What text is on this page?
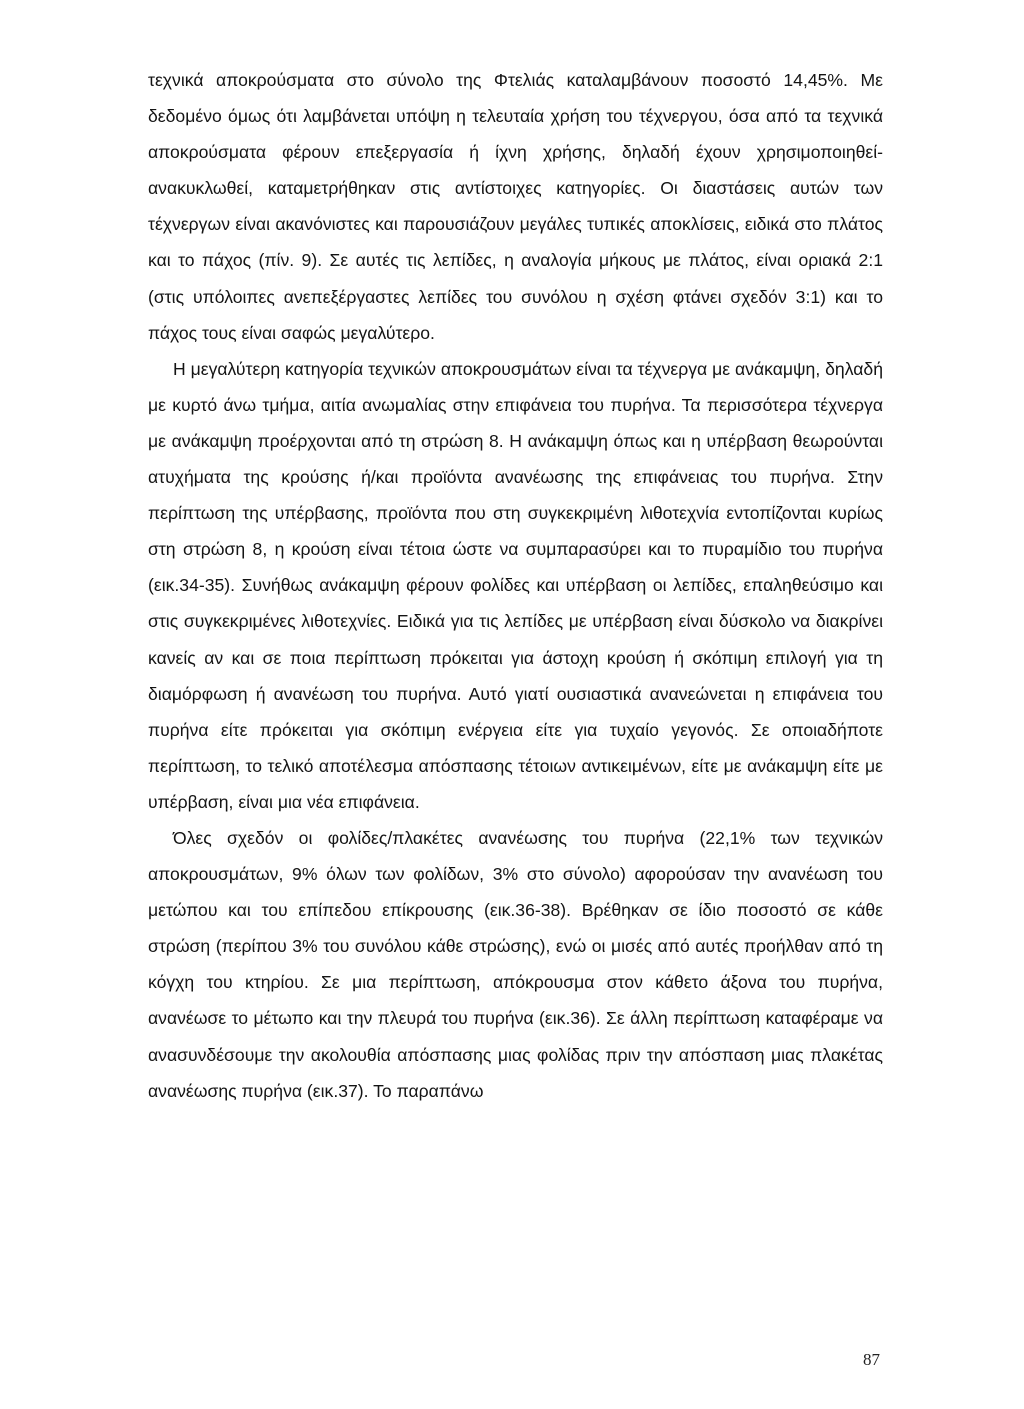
τεχνικά αποκρούσματα στο σύνολο της Φτελιάς καταλαμβάνουν ποσοστό 14,45%. Με δεδομένο όμως ότι λαμβάνεται υπόψη η τελευταία χρήση του τέχνεργου, όσα από τα τεχνικά αποκρούσματα φέρουν επεξεργασία ή ίχνη χρήσης, δηλαδή έχουν χρησιμοποιηθεί-ανακυκλωθεί, καταμετρήθηκαν στις αντίστοιχες κατηγορίες. Οι διαστάσεις αυτών των τέχνεργων είναι ακανόνιστες και παρουσιάζουν μεγάλες τυπικές αποκλίσεις, ειδικά στο πλάτος και το πάχος (πίν. 9). Σε αυτές τις λεπίδες, η αναλογία μήκους με πλάτος, είναι οριακά 2:1 (στις υπόλοιπες ανεπεξέργαστες λεπίδες του συνόλου η σχέση φτάνει σχεδόν 3:1) και το πάχος τους είναι σαφώς μεγαλύτερο.

Η μεγαλύτερη κατηγορία τεχνικών αποκρουσμάτων είναι τα τέχνεργα με ανάκαμψη, δηλαδή με κυρτό άνω τμήμα, αιτία ανωμαλίας στην επιφάνεια του πυρήνα. Τα περισσότερα τέχνεργα με ανάκαμψη προέρχονται από τη στρώση 8. Η ανάκαμψη όπως και η υπέρβαση θεωρούνται ατυχήματα της κρούσης ή/και προϊόντα ανανέωσης της επιφάνειας του πυρήνα. Στην περίπτωση της υπέρβασης, προϊόντα που στη συγκεκριμένη λιθοτεχνία εντοπίζονται κυρίως στη στρώση 8, η κρούση είναι τέτοια ώστε να συμπαρασύρει και το πυραμίδιο του πυρήνα (εικ.34-35). Συνήθως ανάκαμψη φέρουν φολίδες και υπέρβαση οι λεπίδες, επαληθεύσιμο και στις συγκεκριμένες λιθοτεχνίες. Ειδικά για τις λεπίδες με υπέρβαση είναι δύσκολο να διακρίνει κανείς αν και σε ποια περίπτωση πρόκειται για άστοχη κρούση ή σκόπιμη επιλογή για τη διαμόρφωση ή ανανέωση του πυρήνα. Αυτό γιατί ουσιαστικά ανανεώνεται η επιφάνεια του πυρήνα είτε πρόκειται για σκόπιμη ενέργεια είτε για τυχαίο γεγονός. Σε οποιαδήποτε περίπτωση, το τελικό αποτέλεσμα απόσπασης τέτοιων αντικειμένων, είτε με ανάκαμψη είτε με υπέρβαση, είναι μια νέα επιφάνεια.

Όλες σχεδόν οι φολίδες/πλακέτες ανανέωσης του πυρήνα (22,1% των τεχνικών αποκρουσμάτων, 9% όλων των φολίδων, 3% στο σύνολο) αφορούσαν την ανανέωση του μετώπου και του επίπεδου επίκρουσης (εικ.36-38). Βρέθηκαν σε ίδιο ποσοστό σε κάθε στρώση (περίπου 3% του συνόλου κάθε στρώσης), ενώ οι μισές από αυτές προήλθαν από τη κόγχη του κτηρίου. Σε μια περίπτωση, απόκρουσμα στον κάθετο άξονα του πυρήνα, ανανέωσε το μέτωπο και την πλευρά του πυρήνα (εικ.36). Σε άλλη περίπτωση καταφέραμε να ανασυνδέσουμε την ακολουθία απόσπασης μιας φολίδας πριν την απόσπαση μιας πλακέτας ανανέωσης πυρήνα (εικ.37). Το παραπάνω

87
